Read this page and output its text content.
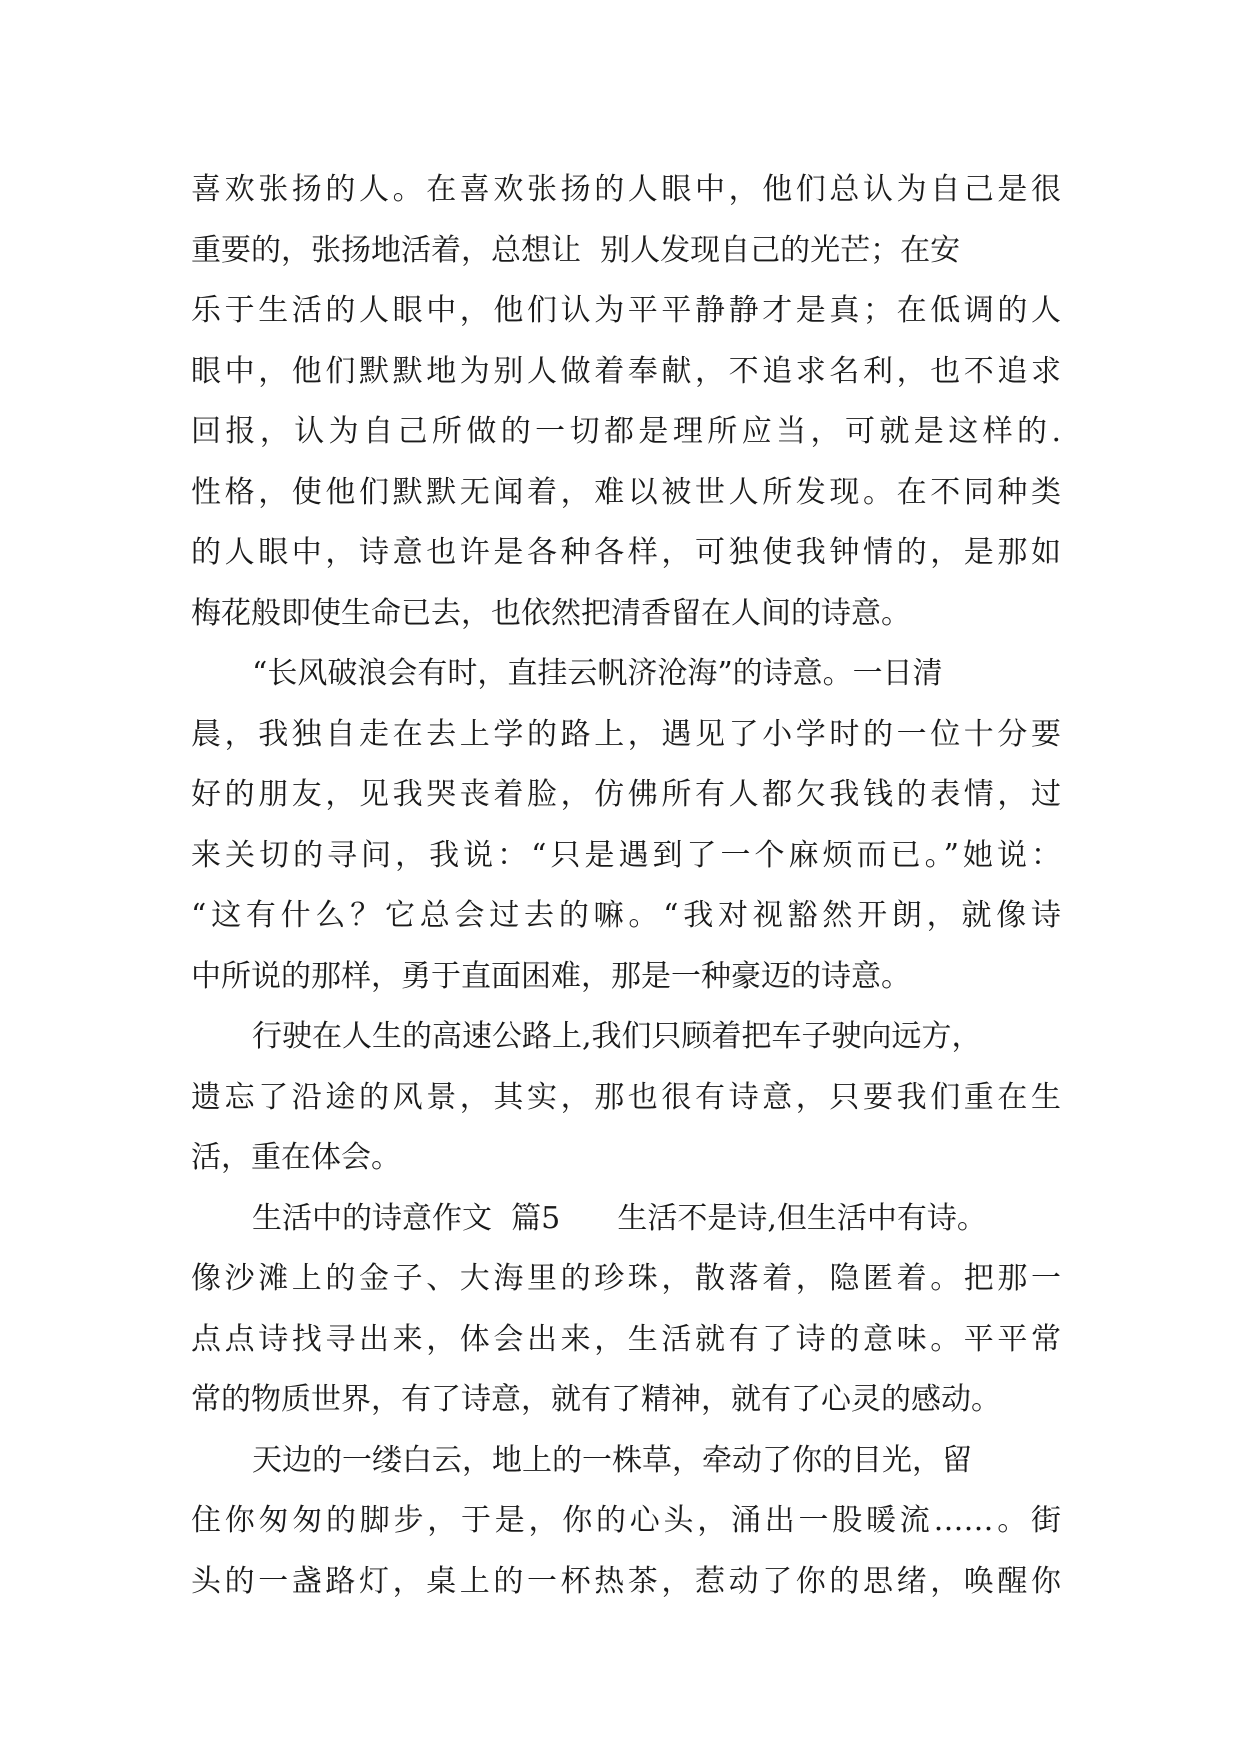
喜欢张扬的人。在喜欢张扬的人眼中，他们总认为自己是很
重要的，张扬地活着，总想让  别人发现自己的光芒；在安
乐于生活的人眼中，他们认为平平静静才是真；在低调的人
眼中，他们默默地为别人做着奉献，不追求名利，也不追求
回报，认为自己所做的一切都是理所应当，可就是这样的.
性格，使他们默默无闻着，难以被世人所发现。在不同种类
的人眼中，诗意也许是各种各样，可独使我钟情的，是那如
梅花般即使生命已去，也依然把清香留在人间的诗意。
“长风破浪会有时，直挂云帆济沧海”的诗意。一日清
晨，我独自走在去上学的路上，遇见了小学时的一位十分要
好的朋友，见我哭丧着脸，仿佛所有人都欠我钱的表情，过
来关切的寻问，我说：“只是遇到了一个麻烦而已。”她说：
“这有什么？它总会过去的嘛。“我对视豁然开朗，就像诗
中所说的那样，勇于直面困难，那是一种豪迈的诗意。
行驶在人生的高速公路上,我们只顾着把车子驶向远方，
遗忘了沿途的风景，其实，那也很有诗意，只要我们重在生
活，重在体会。
生活中的诗意作文  篇5      生活不是诗,但生活中有诗。
像沙滩上的金子、大海里的珍珠，散落着，隐匿着。把那一
点点诗找寻出来，体会出来，生活就有了诗的意味。平平常
常的物质世界，有了诗意，就有了精神，就有了心灵的感动。
天边的一缕白云，地上的一株草，牵动了你的目光，留
住你匆匆的脚步，于是，你的心头，涌出一股暖流……。街
头的一盏路灯，桌上的一杯热茶，惹动了你的思绪，唤醒你
